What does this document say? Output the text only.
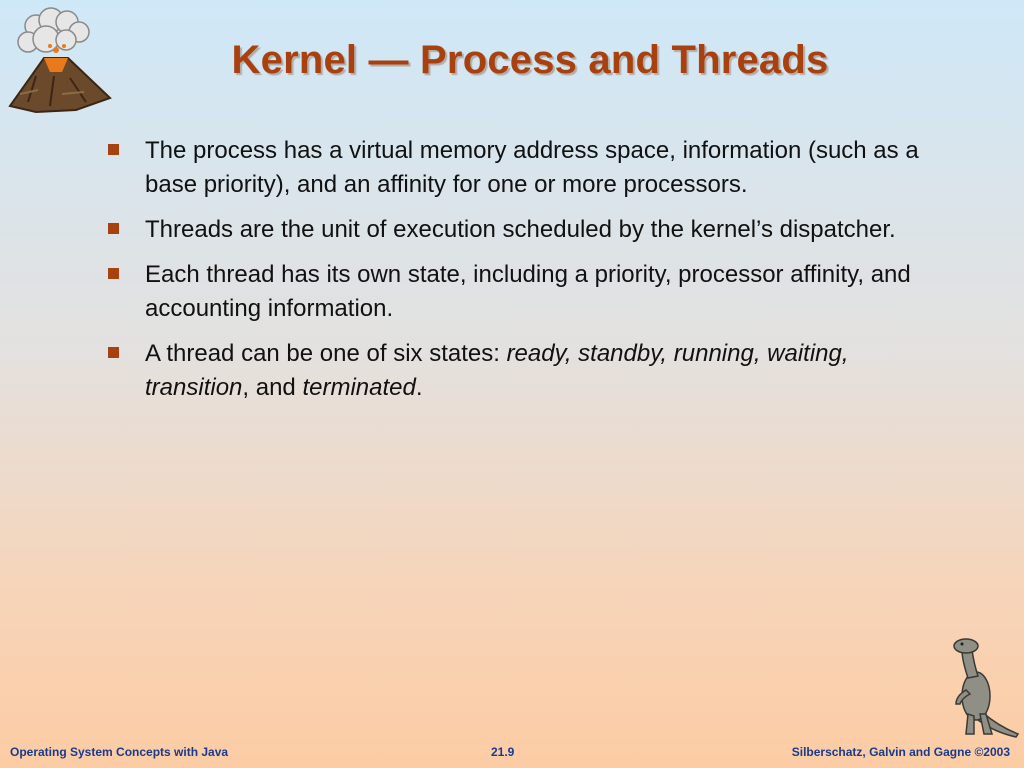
Kernel — Process and Threads
The process has a virtual memory address space, information (such as a base priority), and an affinity for one or more processors.
Threads are the unit of execution scheduled by the kernel’s dispatcher.
Each thread has its own state, including a priority, processor affinity, and accounting information.
A thread can be one of six states: ready, standby, running, waiting, transition, and terminated.
Operating System Concepts with Java	21.9	Silberschatz, Galvin and Gagne ©2003
